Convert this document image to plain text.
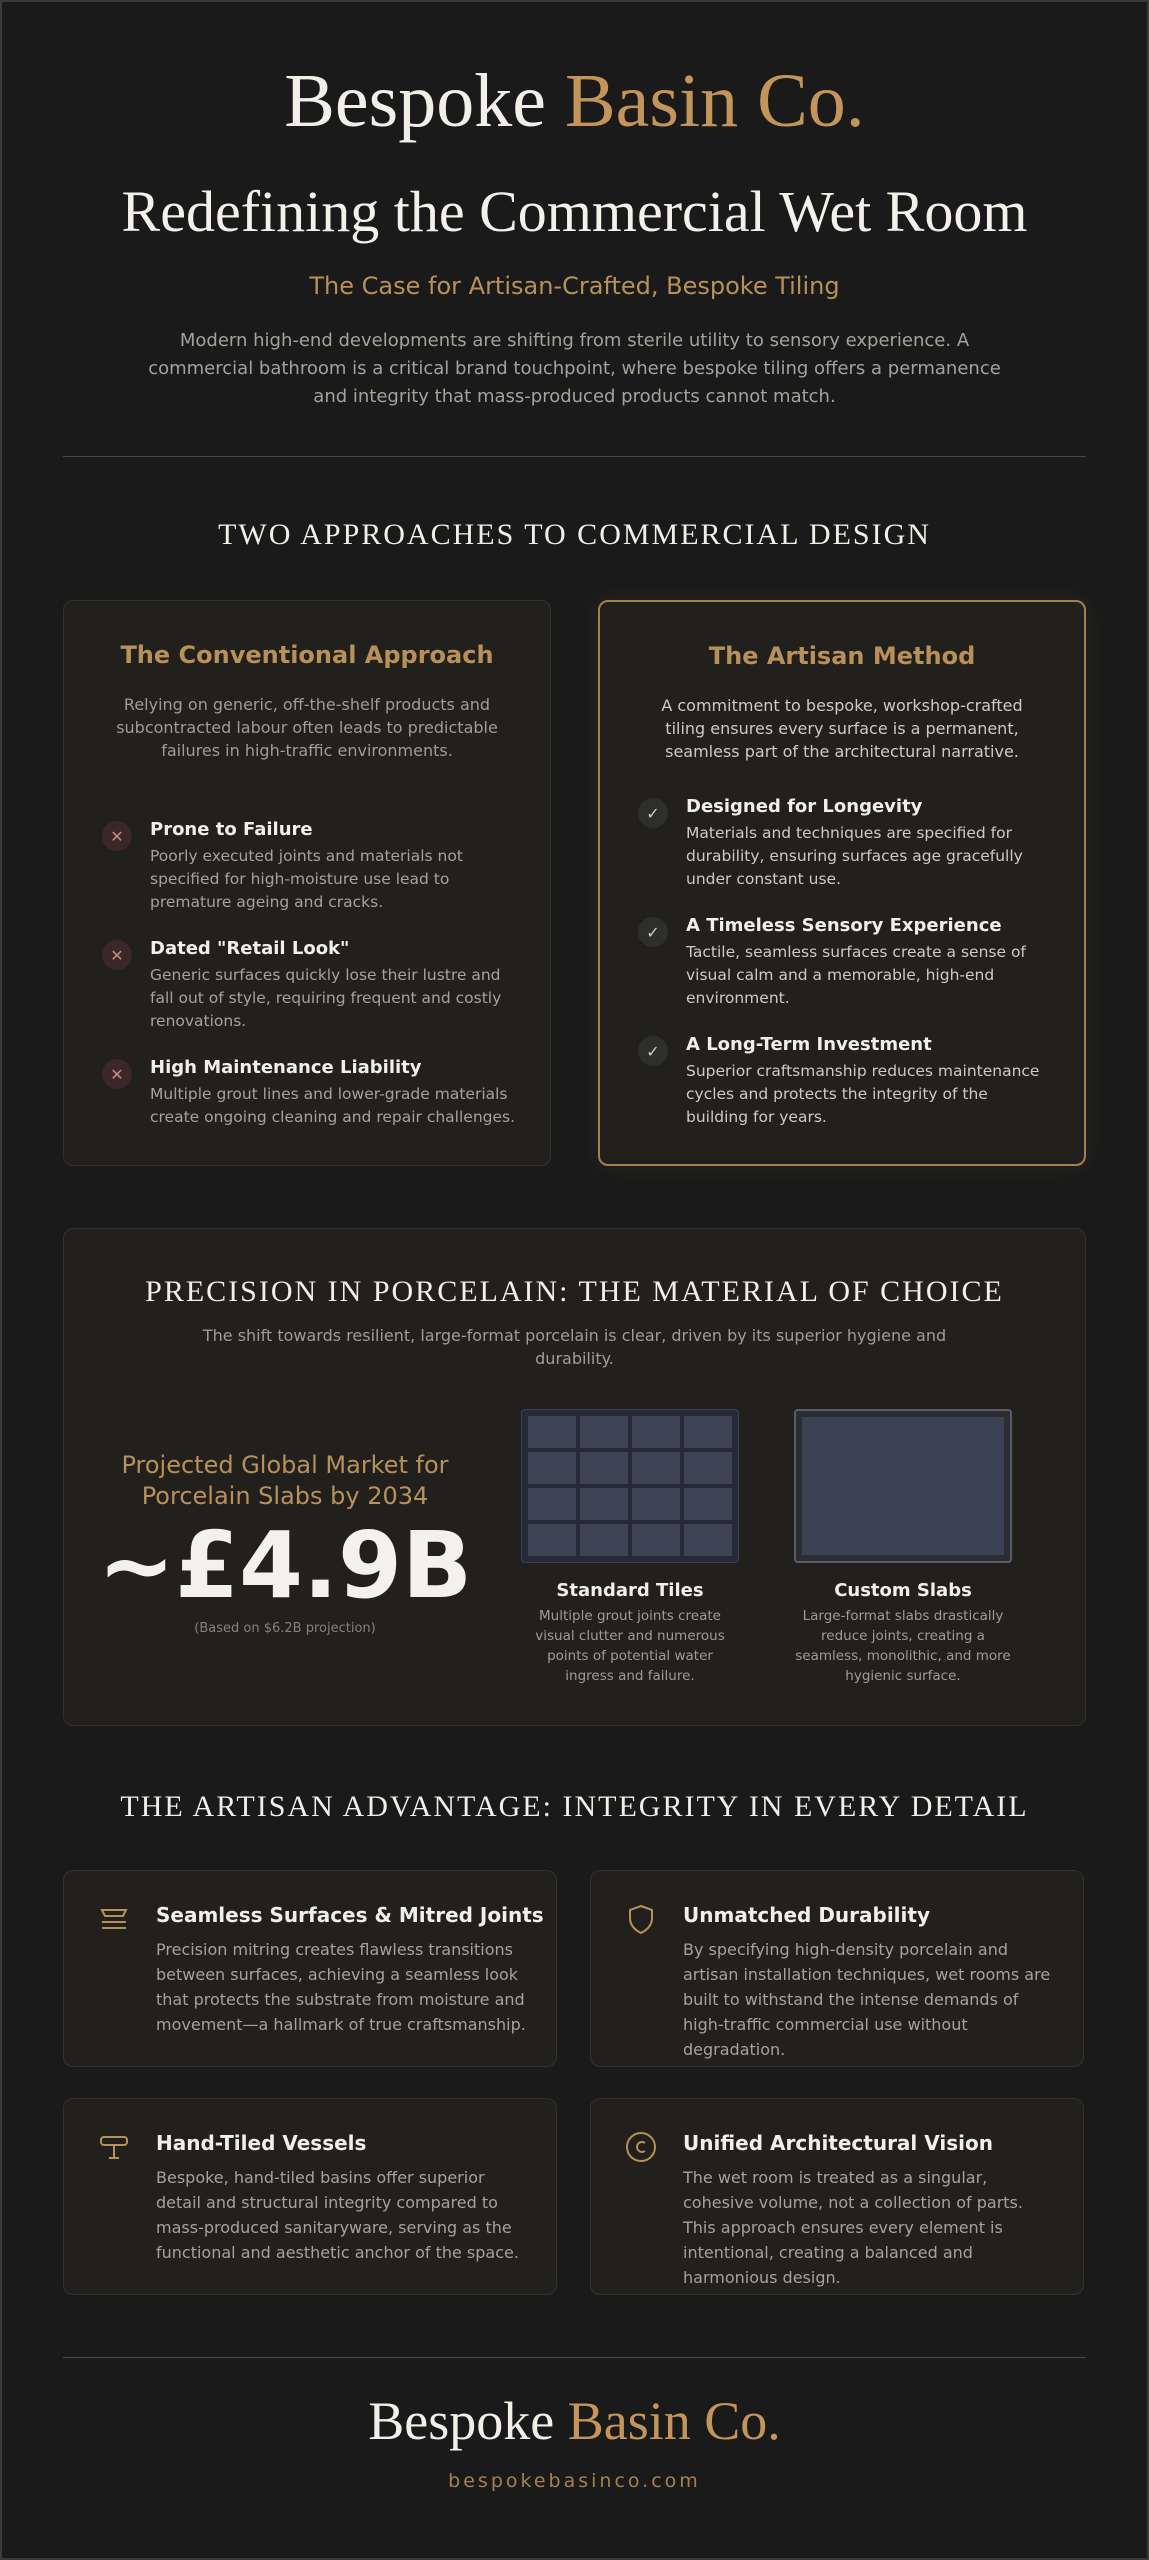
Bespoke Basin Co.
Redefining the Commercial Wet Room
The Case for Artisan-Crafted, Bespoke Tiling
Modern high-end developments are shifting from sterile utility to sensory experience. A commercial bathroom is a critical brand touchpoint, where bespoke tiling offers a permanence and integrity that mass-produced products cannot match.
TWO APPROACHES TO COMMERCIAL DESIGN
The Conventional Approach
Relying on generic, off-the-shelf products and subcontracted labour often leads to predictable failures in high-traffic environments.
✕	Prone to Failure
Poorly executed joints and materials not specified for high-moisture use lead to premature ageing and cracks.
✕	Dated "Retail Look"
Generic surfaces quickly lose their lustre and fall out of style, requiring frequent and costly renovations.
✕	High Maintenance Liability
Multiple grout lines and lower-grade materials create ongoing cleaning and repair challenges.
The Artisan Method
A commitment to bespoke, workshop-crafted tiling ensures every surface is a permanent, seamless part of the architectural narrative.
✓	Designed for Longevity
Materials and techniques are specified for durability, ensuring surfaces age gracefully under constant use.
✓	A Timeless Sensory Experience
Tactile, seamless surfaces create a sense of visual calm and a memorable, high-end environment.
✓	A Long-Term Investment
Superior craftsmanship reduces maintenance cycles and protects the integrity of the building for years.
PRECISION IN PORCELAIN: THE MATERIAL OF CHOICE
The shift towards resilient, large-format porcelain is clear, driven by its superior hygiene and durability.
Projected Global Market for Porcelain Slabs by 2034
~£4.9B
(Based on $6.2B projection)
Standard Tiles
Multiple grout joints create visual clutter and numerous points of potential water ingress and failure.
Custom Slabs
Large-format slabs drastically reduce joints, creating a seamless, monolithic, and more hygienic surface.
THE ARTISAN ADVANTAGE: INTEGRITY IN EVERY DETAIL
Seamless Surfaces & Mitred Joints
Precision mitring creates flawless transitions between surfaces, achieving a seamless look that protects the substrate from moisture and movement—a hallmark of true craftsmanship.
Unmatched Durability
By specifying high-density porcelain and artisan installation techniques, wet rooms are built to withstand the intense demands of high-traffic commercial use without degradation.
Hand-Tiled Vessels
Bespoke, hand-tiled basins offer superior detail and structural integrity compared to mass-produced sanitaryware, serving as the functional and aesthetic anchor of the space.
Unified Architectural Vision
The wet room is treated as a singular, cohesive volume, not a collection of parts. This approach ensures every element is intentional, creating a balanced and harmonious design.
Bespoke Basin Co.
bespokebasinco.com
